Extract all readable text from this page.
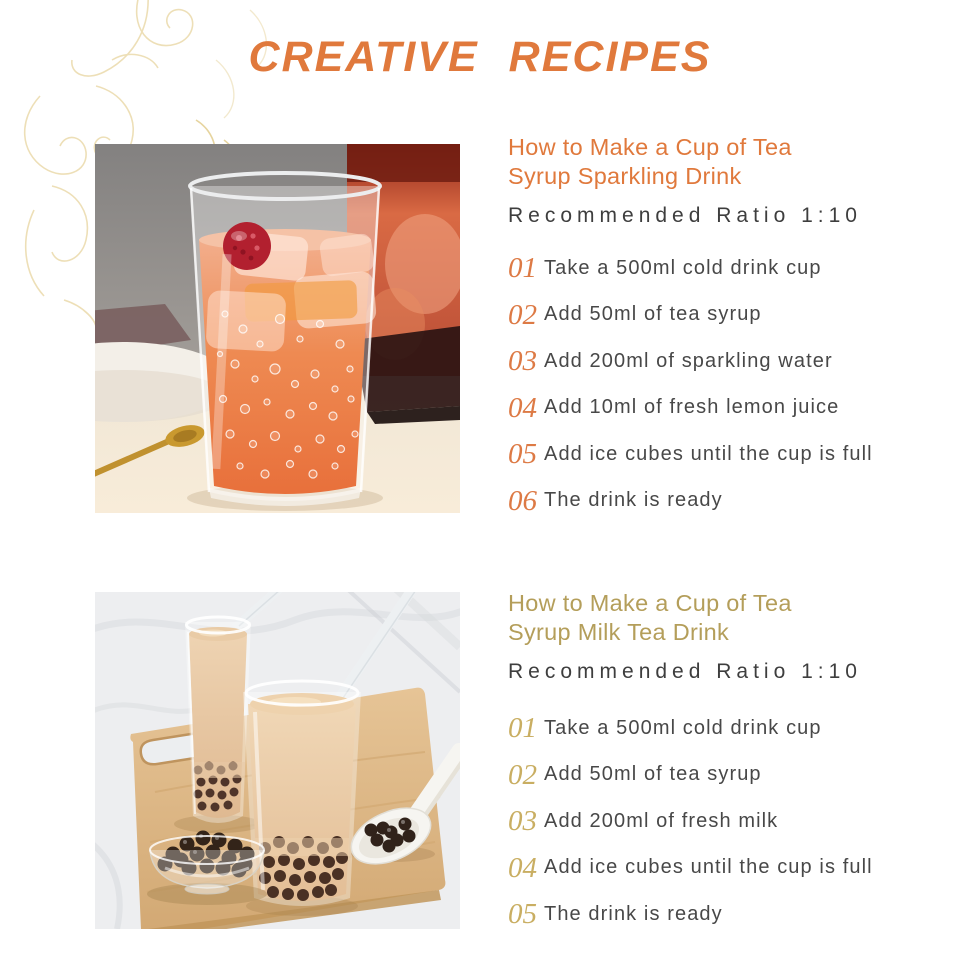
CREATIVE RECIPES
How to Make a Cup of Tea
Syrup Sparkling Drink
Recommended Ratio 1:10
01 Take a 500ml cold drink cup
02 Add 50ml of tea syrup
03 Add 200ml of sparkling water
04 Add 10ml of fresh lemon juice
05 Add ice cubes until the cup is full
06 The drink is ready
How to Make a Cup of Tea
Syrup Milk Tea Drink
Recommended Ratio 1:10
01 Take a 500ml cold drink cup
02 Add 50ml of tea syrup
03 Add 200ml of fresh milk
04 Add ice cubes until the cup is full
05 The drink is ready
